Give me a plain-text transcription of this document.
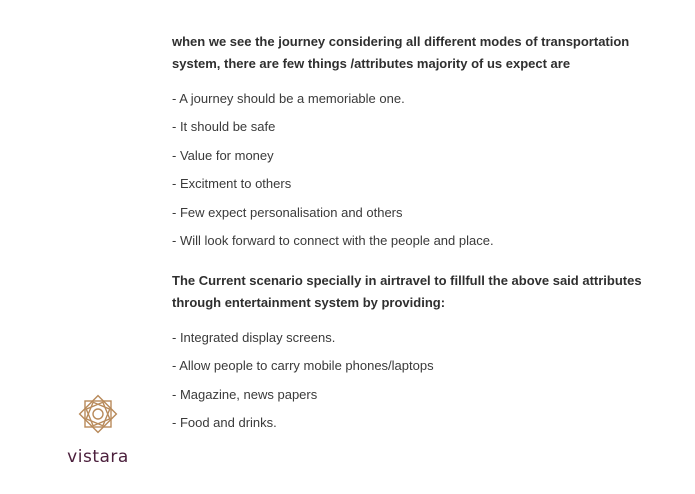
when we see the journey considering all different modes of transportation system, there are few things /attributes majority of us expect are

- A journey should be a memoriable one.
- It should be safe
- Value for money
- Excitment to others
- Few expect personalisation and others
- Will look forward to connect with the people and place.

The Current scenario specially in airtravel to fillfull the above said attributes through entertainment system by providing:

- Integrated display screens.
- Allow people to carry mobile phones/laptops
- Magazine, news papers
- Food and drinks.
vistara
